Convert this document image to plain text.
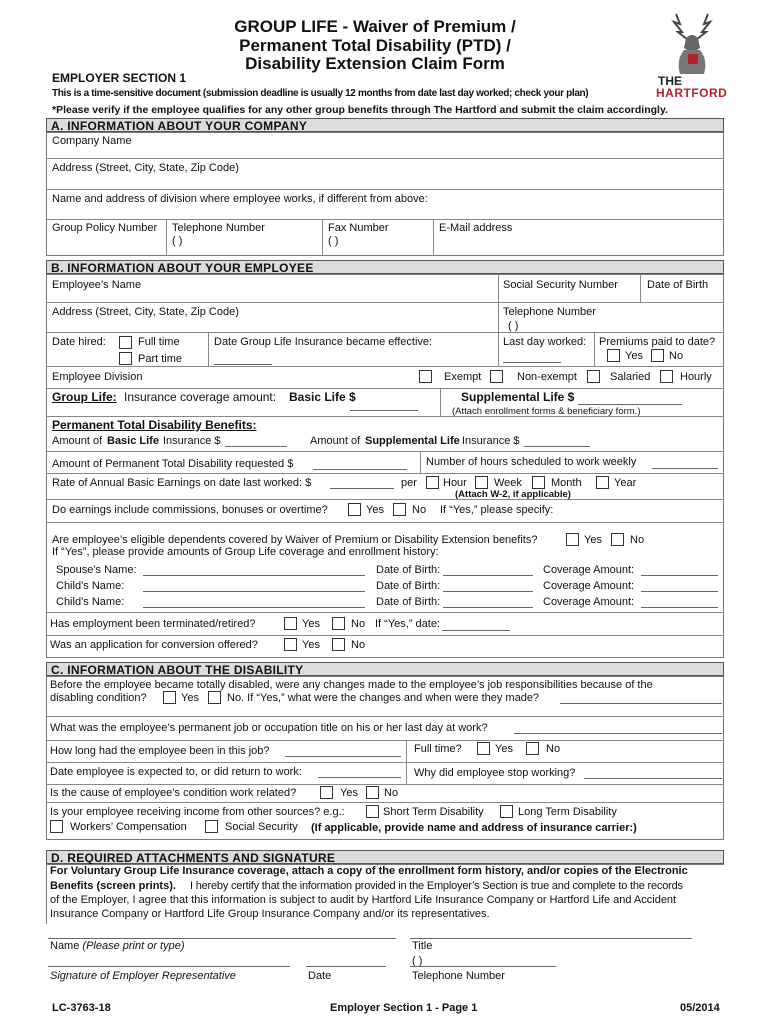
GROUP LIFE - Waiver of Premium /
Permanent Total Disability (PTD) /
Disability Extension Claim Form
THE
HARTFORD
EMPLOYER SECTION 1
This is a time-sensitive document (submission deadline is usually 12 months from date last day worked; check your plan)
*Please verify if the employee qualifies for any other group benefits through The Hartford and submit the claim accordingly.
A. INFORMATION ABOUT YOUR COMPANY
Company Name
Address (Street, City, State, Zip Code)
Name and address of division where employee works, if different from above:
Group Policy Number Telephone Number
( )
Fax Number
( )
E-Mail address
B. INFORMATION ABOUT YOUR EMPLOYEE
Employee’s Name	Social Security Number	Date of Birth
Address (Street, City, State, Zip Code)	Telephone Number
( )
Date hired:	Full time
Part time
Date Group Life Insurance became effective:	Last day worked: Premiums paid to date?
Yes No
Employee Division	Exempt	Non-exempt	Salaried	Hourly
Group Life: Insurance coverage amount: Basic Life $	Supplemental Life $
(Attach enrollment forms & beneficiary form.)
Permanent Total Disability Benefits:
Amount of Basic Life Insurance $	Amount of Supplemental Life Insurance $
Amount of Permanent Total Disability requested $	Number of hours scheduled to work weekly
Rate of Annual Basic Earnings on date last worked: $	per Hour Week	Month	Year
(Attach W-2, if applicable)
Do earnings include commissions, bonuses or overtime?	Yes	No If “Yes,” please specify:
Are employee’s eligible dependents covered by Waiver of Premium or Disability Extension benefits?	Yes	No
If “Yes”, please provide amounts of Group Life coverage and enrollment history:
Spouse’s Name:	Date of Birth:	Coverage Amount:
Child’s Name:	Date of Birth:	Coverage Amount:
Child’s Name:	Date of Birth:	Coverage Amount:
Has employment been terminated/retired?	Yes	No If “Yes,” date:
Was an application for conversion offered?	Yes	No
C. INFORMATION ABOUT THE DISABILITY
Before the employee became totally disabled, were any changes made to the employee’s job responsibilities because of the
disabling condition?	Yes	No. If “Yes,” what were the changes and when were they made?
What was the employee’s permanent job or occupation title on his or her last day at work?
How long had the employee been in this job?	Full time?	Yes	No
Date employee is expected to, or did return to work:	Why did employee stop working?
Is the cause of employee’s condition work related?	Yes No
Is your employee receiving income from other sources? e.g.:	Short Term Disability	Long Term Disability
Workers’ Compensation	Social Security (If applicable, provide name and address of insurance carrier:)
D. REQUIRED ATTACHMENTS AND SIGNATURE
For Voluntary Group Life Insurance coverage, attach a copy of the enrollment form history, and/or copies of the Electronic
Benefits (screen prints). I hereby certify that the information provided in the Employer’s Section is true and complete to the records
of the Employer, I agree that this information is subject to audit by Hartford Life Insurance Company or Hartford Life and Accident
Insurance Company or Hartford Life Group Insurance Company and/or its representatives.
Name (Please print or type)	Title
( )
Signature of Employer Representative	Date	Telephone Number
LC-3763-18	Employer Section 1 - Page 1	05/2014
